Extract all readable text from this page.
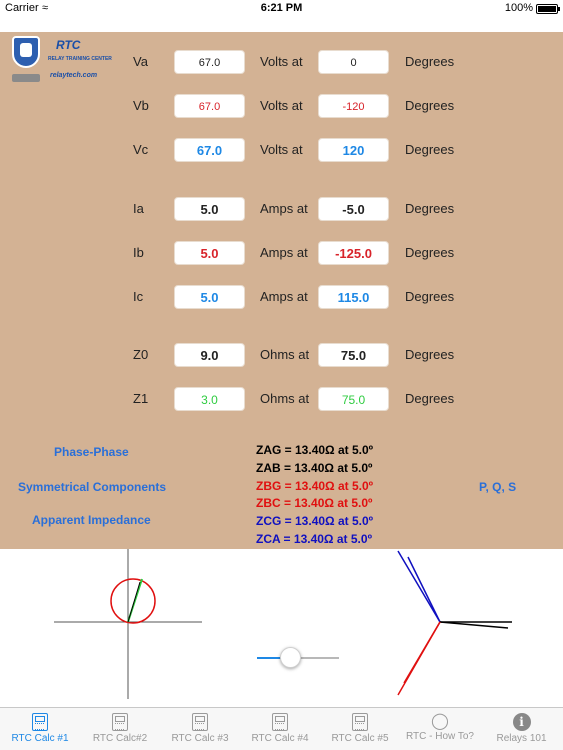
Carrier ≈	6:21 PM	100%
RTC
RELAY TRAINING CENTER
relaytech.com
Va	67.0	Volts at	0	Degrees
Vb	67.0	Volts at	-120	Degrees
Vc	67.0	Volts at	120	Degrees
Ia	5.0	Amps at	-5.0	Degrees
Ib	5.0	Amps at	-125.0	Degrees
Ic	5.0	Amps at	115.0	Degrees
Z0	9.0	Ohms at	75.0	Degrees
Z1	3.0	Ohms at	75.0	Degrees
Phase-Phase
Symmetrical Components
Apparent Impedance
P, Q, S
ZAG = 13.40Ω at 5.0º
ZAB = 13.40Ω at 5.0º
ZBG = 13.40Ω at 5.0º
ZBC = 13.40Ω at 5.0º
ZCG = 13.40Ω at 5.0º
ZCA = 13.40Ω at 5.0º
RTC Calc #1	RTC Calc#2	RTC Calc #3	RTC Calc #4	RTC Calc #5
◯
RTC - How To?
i
Relays 101
